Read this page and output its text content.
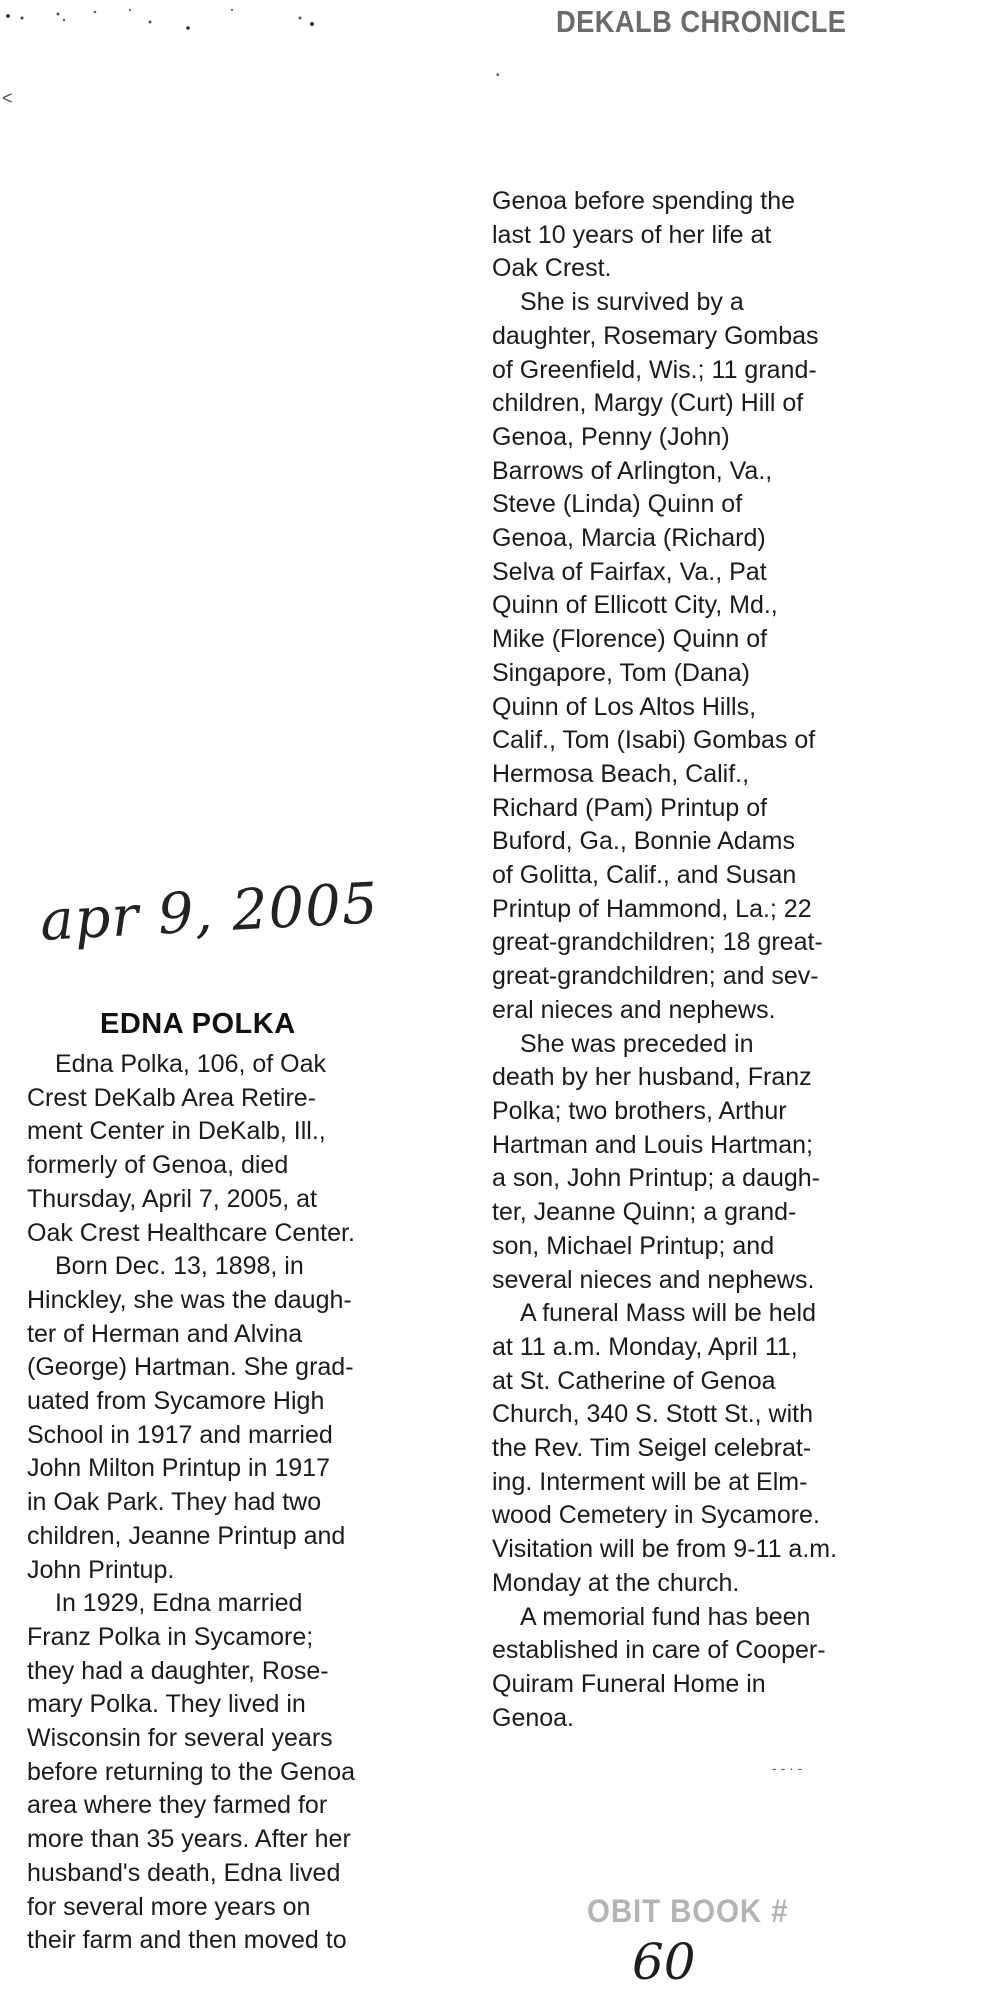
DEKALB CHRONICLE
<
•
apr 9, 2005
EDNA POLKA
Edna Polka, 106, of Oak
Crest DeKalb Area Retire-
ment Center in DeKalb, Ill.,
formerly of Genoa, died
Thursday, April 7, 2005, at
Oak Crest Healthcare Center.
Born Dec. 13, 1898, in
Hinckley, she was the daugh-
ter of Herman and Alvina
(George) Hartman. She grad-
uated from Sycamore High
School in 1917 and married
John Milton Printup in 1917
in Oak Park. They had two
children, Jeanne Printup and
John Printup.
In 1929, Edna married
Franz Polka in Sycamore;
they had a daughter, Rose-
mary Polka. They lived in
Wisconsin for several years
before returning to the Genoa
area where they farmed for
more than 35 years. After her
husband's death, Edna lived
for several more years on
their farm and then moved to
Genoa before spending the
last 10 years of her life at
Oak Crest.
She is survived by a
daughter, Rosemary Gombas
of Greenfield, Wis.; 11 grand-
children, Margy (Curt) Hill of
Genoa, Penny (John)
Barrows of Arlington, Va.,
Steve (Linda) Quinn of
Genoa, Marcia (Richard)
Selva of Fairfax, Va., Pat
Quinn of Ellicott City, Md.,
Mike (Florence) Quinn of
Singapore, Tom (Dana)
Quinn of Los Altos Hills,
Calif., Tom (Isabi) Gombas of
Hermosa Beach, Calif.,
Richard (Pam) Printup of
Buford, Ga., Bonnie Adams
of Golitta, Calif., and Susan
Printup of Hammond, La.; 22
great-grandchildren; 18 great-
great-grandchildren; and sev-
eral nieces and nephews.
She was preceded in
death by her husband, Franz
Polka; two brothers, Arthur
Hartman and Louis Hartman;
a son, John Printup; a daugh-
ter, Jeanne Quinn; a grand-
son, Michael Printup; and
several nieces and nephews.
A funeral Mass will be held
at 11 a.m. Monday, April 11,
at St. Catherine of Genoa
Church, 340 S. Stott St., with
the Rev. Tim Seigel celebrat-
ing. Interment will be at Elm-
wood Cemetery in Sycamore.
Visitation will be from 9-11 a.m.
Monday at the church.
A memorial fund has been
established in care of Cooper-
Quiram Funeral Home in
Genoa.
- - · -
OBIT BOOK #
60
